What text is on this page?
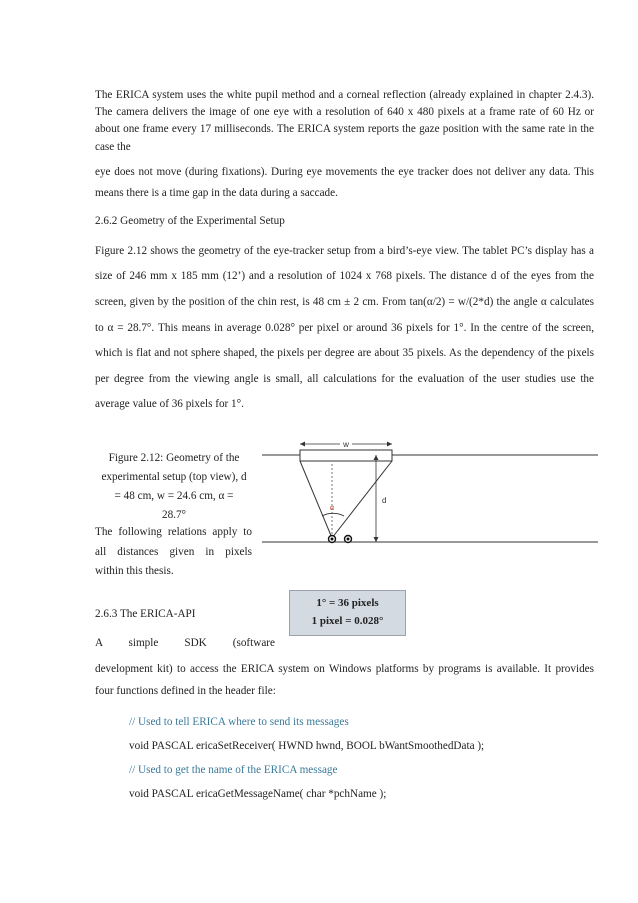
The ERICA system uses the white pupil method and a corneal reflection (already explained in chapter 2.4.3).

The camera delivers the image of one eye with a resolution of 640 x 480 pixels at a frame rate of 60 Hz or

about one frame every 17 milliseconds. The ERICA system reports the gaze position with the same rate in the

case the

eye does not move (during fixations). During eye movements the eye tracker does not deliver any data. This

means there is a time gap in the data during a saccade.

2.6.2 Geometry of the Experimental Setup

Figure 2.12 shows the geometry of the eye-tracker setup from a bird’s-eye view. The tablet PC’s display has a

size of 246 mm x 185 mm (12’) and a resolution of 1024 x 768 pixels. The distance d of the eyes from the

screen, given by the position of the chin rest, is 48 cm ± 2 cm. From tan(α/2) = w/(2*d) the angle α calculates

to α = 28.7°. This means in average 0.028° per pixel or around 36 pixels for 1°. In the centre of the screen,

which is flat and not sphere shaped, the pixels per degree are about 35 pixels. As the dependency of the pixels

per degree from the viewing angle is small, all calculations for the evaluation of the user studies use the

average value of 36 pixels for 1°.

Figure 2.12: Geometry of the
experimental setup (top view), d
= 48 cm, w = 24.6 cm, α =
28.7°

The following relations apply to

all distances given in pixels

within this thesis.

w
α
d
1° = 36 pixels
1 pixel = 0.028°

2.6.3 The ERICA-API

A simple SDK (software

development kit) to access the ERICA system on Windows platforms by programs is available. It provides

four functions defined in the header file:

// Used to tell ERICA where to send its messages

void PASCAL ericaSetReceiver( HWND hwnd, BOOL bWantSmoothedData );

// Used to get the name of the ERICA message

void PASCAL ericaGetMessageName( char *pchName );
